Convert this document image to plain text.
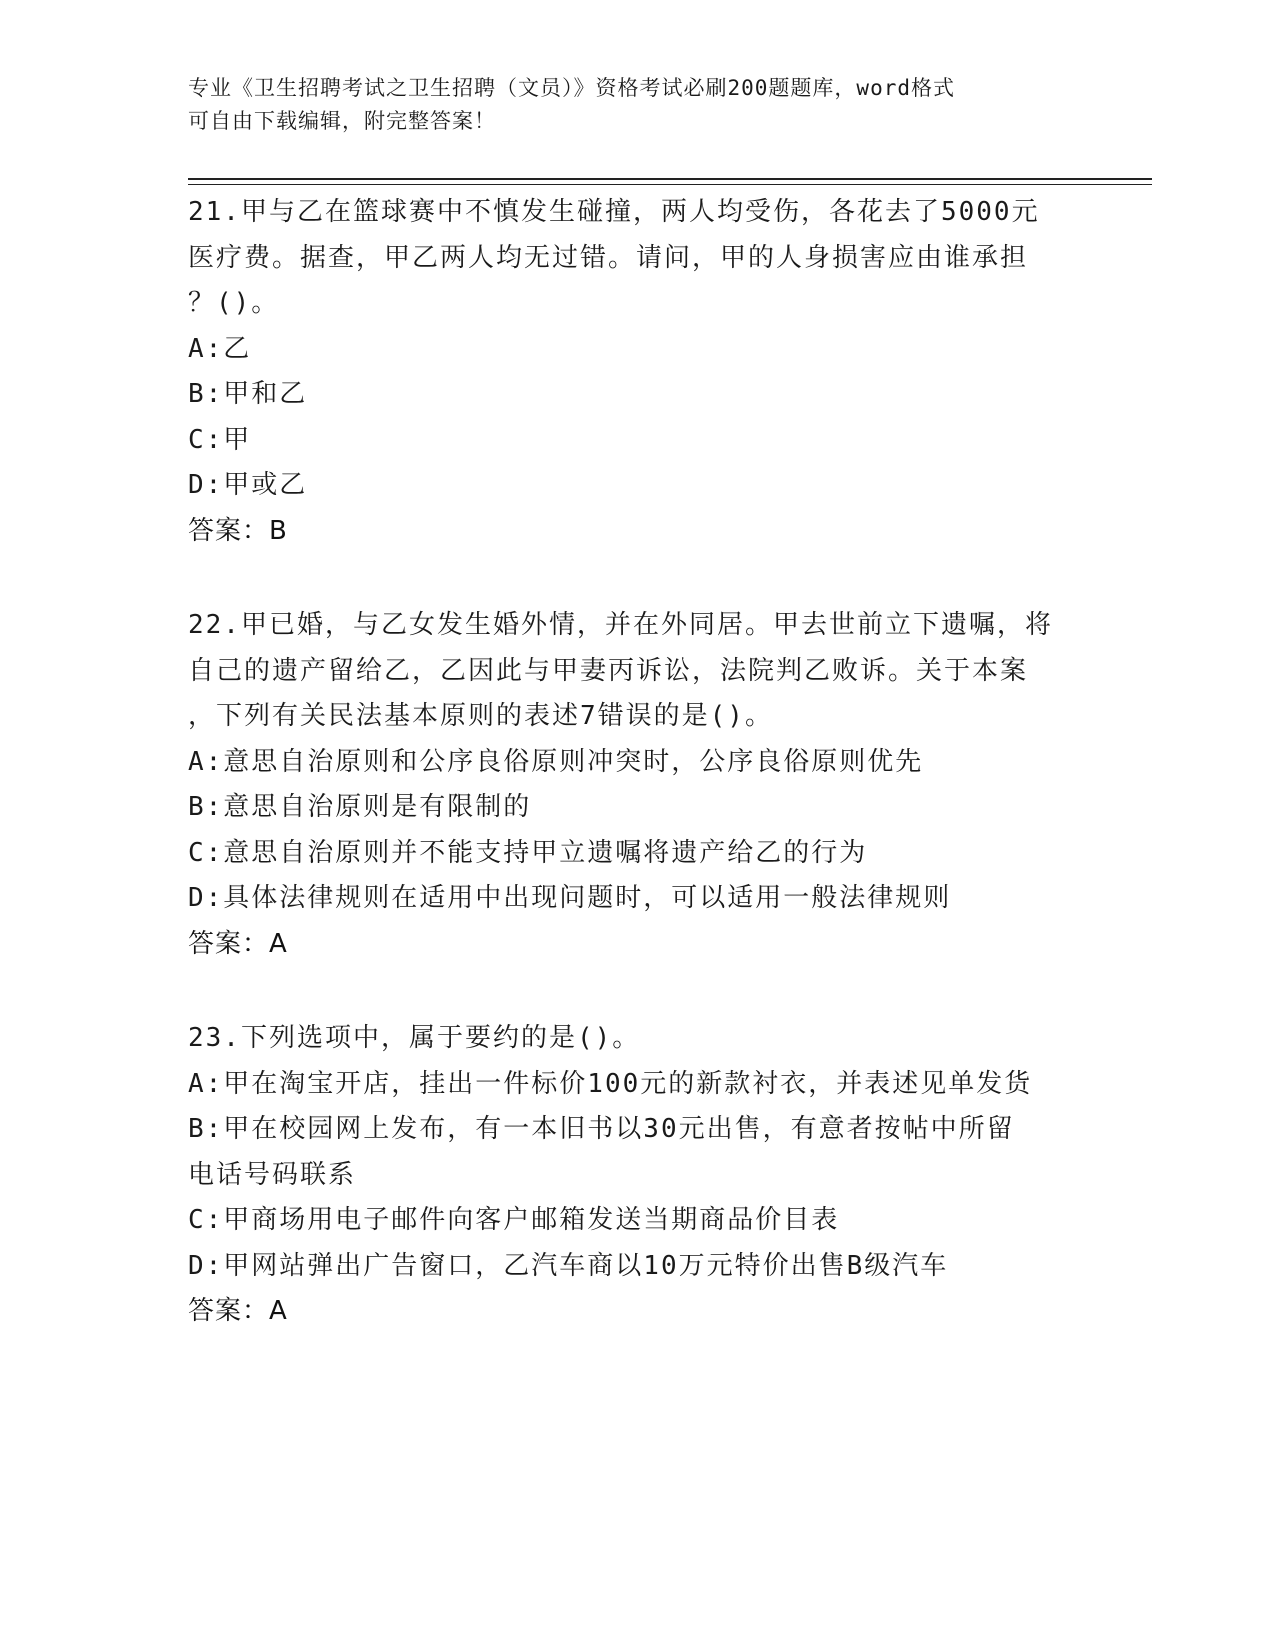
专业《卫生招聘考试之卫生招聘（文员）》资格考试必刷200题题库，word格式
可自由下载编辑，附完整答案！
21.甲与乙在篮球赛中不慎发生碰撞，两人均受伤，各花去了5000元
医疗费。据查，甲乙两人均无过错。请问，甲的人身损害应由谁承担
？()。
A:乙
B:甲和乙
C:甲
D:甲或乙
答案：B
22.甲已婚，与乙女发生婚外情，并在外同居。甲去世前立下遗嘱，将
自己的遗产留给乙，乙因此与甲妻丙诉讼，法院判乙败诉。关于本案
，下列有关民法基本原则的表述7错误的是()。
A:意思自治原则和公序良俗原则冲突时，公序良俗原则优先
B:意思自治原则是有限制的
C:意思自治原则并不能支持甲立遗嘱将遗产给乙的行为
D:具体法律规则在适用中出现问题时，可以适用一般法律规则
答案：A
23.下列选项中，属于要约的是()。
A:甲在淘宝开店，挂出一件标价100元的新款衬衣，并表述见单发货
B:甲在校园网上发布，有一本旧书以30元出售，有意者按帖中所留
电话号码联系
C:甲商场用电子邮件向客户邮箱发送当期商品价目表
D:甲网站弹出广告窗口，乙汽车商以10万元特价出售B级汽车
答案：A
